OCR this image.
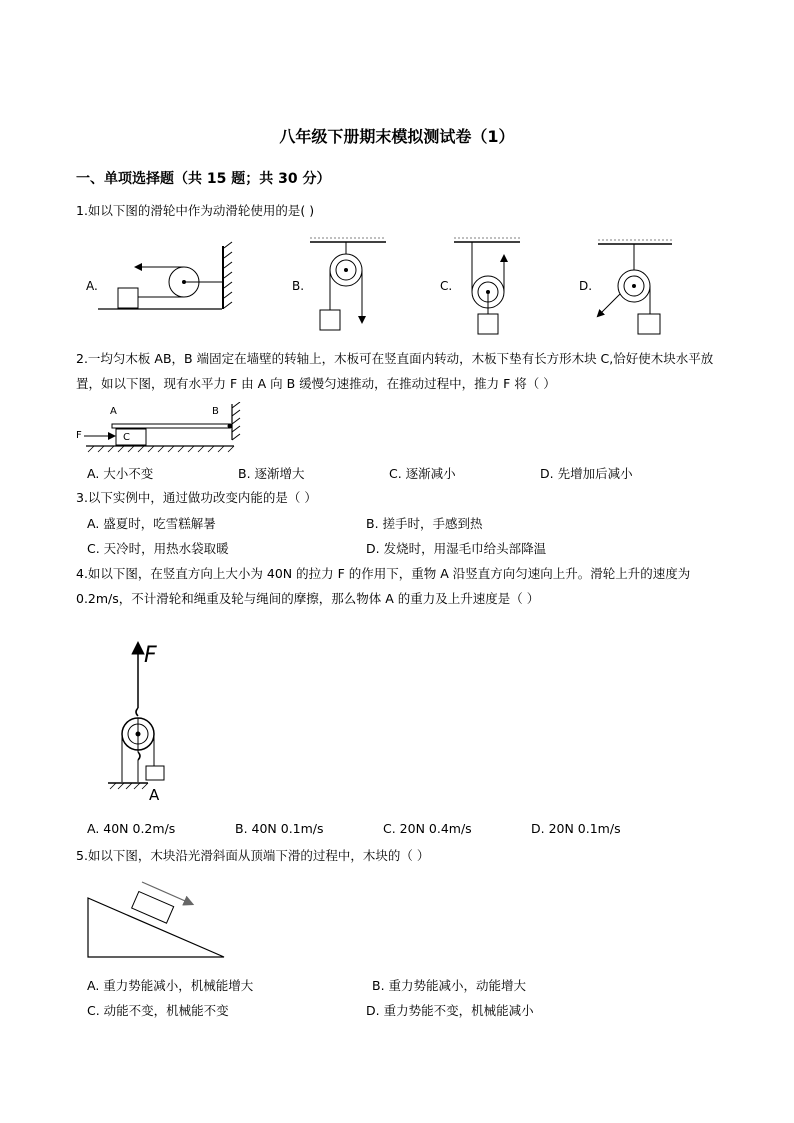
八年级下册期末模拟测试卷（1）
一、单项选择题（共 15 题；共 30 分）
1.如以下图的滑轮中作为动滑轮使用的是( )
A.	B.	C.	D.
2.一均匀木板 AB，B 端固定在墙壁的转轴上，木板可在竖直面内转动，木板下垫有长方形木块 C,恰好使木块水平放置，如以下图，现有水平力 F 由 A 向 B 缓慢匀速推动，在推动过程中，推力 F 将（ ）
A	B
C
F
A. 大小不变	B. 逐渐增大	C. 逐渐减小	D. 先增加后减小
3.以下实例中，通过做功改变内能的是（ ）
A. 盛夏时，吃雪糕解暑	B. 搓手时，手感到热
C. 天冷时，用热水袋取暖	D. 发烧时，用湿毛巾给头部降温
4.如以下图，在竖直方向上大小为 40N 的拉力 F 的作用下，重物 A 沿竖直方向匀速向上升。滑轮上升的速度为 0.2m/s，不计滑轮和绳重及轮与绳间的摩擦，那么物体 A 的重力及上升速度是（ ）
F
A
A. 40N 0.2m/s	B. 40N 0.1m/s	C. 20N 0.4m/s	D. 20N 0.1m/s
5.如以下图，木块沿光滑斜面从顶端下滑的过程中，木块的（ ）
A. 重力势能减小，机械能增大	B. 重力势能减小，动能增大
C. 动能不变，机械能不变	D. 重力势能不变，机械能减小
